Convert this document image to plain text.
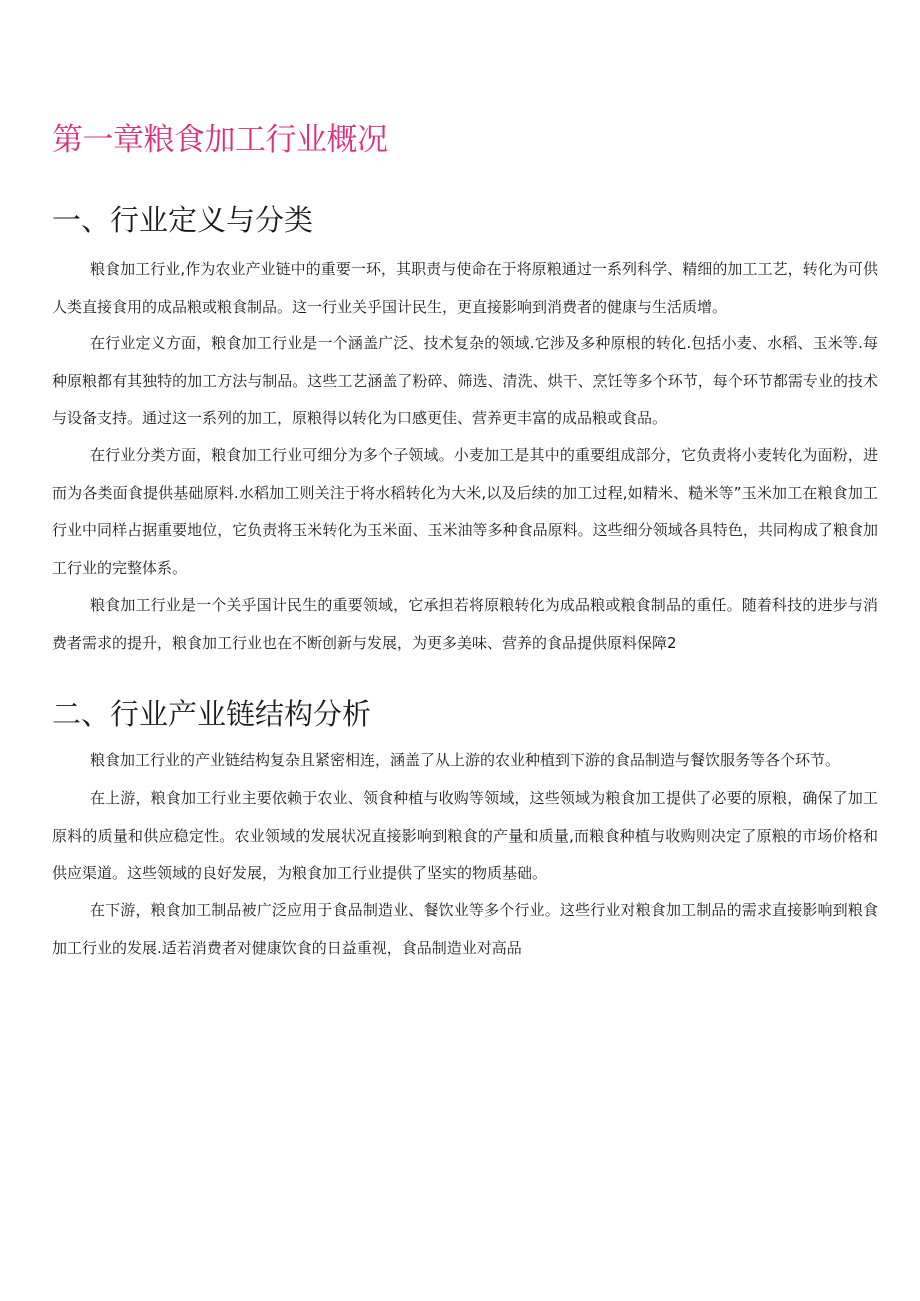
第一章粮食加工行业概况
一、行业定义与分类

粮食加工行业,作为农业产业链中的重要一环，其职责与使命在于将原粮通过一系列科学、精细的加工工艺，转化为可供人类直接食用的成品粮或粮食制品。这一行业关乎国计民生，更直接影响到消费者的健康与生活质增。

在行业定义方面，粮食加工行业是一个涵盖广泛、技术复杂的领域.它涉及多种原根的转化.包括小麦、水稻、玉米等.每种原粮都有其独特的加工方法与制品。这些工艺涵盖了粉碎、筛选、清洗、烘干、烹饪等多个环节，每个环节都需专业的技术与设备支持。通过这一系列的加工，原粮得以转化为口感更佳、营养更丰富的成品粮或食品。

在行业分类方面，粮食加工行业可细分为多个子领域。小麦加工是其中的重要组成部分，它负责将小麦转化为面粉，进而为各类面食提供基础原料.水稻加工则关注于将水稻转化为大米,以及后续的加工过程,如精米、糙米等”玉米加工在粮食加工行业中同样占据重要地位，它负责将玉米转化为玉米面、玉米油等多种食品原料。这些细分领域各具特色，共同构成了粮食加工行业的完整体系。

粮食加工行业是一个关乎国计民生的重要领域，它承担若将原粮转化为成品粮或粮食制品的重任。随着科技的进步与消费者需求的提升，粮食加工行业也在不断创新与发展，为更多美味、营养的食品提供原料保障2

二、行业产业链结构分析

粮食加工行业的产业链结构复杂且紧密相连，涵盖了从上游的农业种植到下游的食品制造与餐饮服务等各个环节。

在上游，粮食加工行业主要依赖于农业、领食种植与收购等领域，这些领域为粮食加工提供了必要的原粮，确保了加工原料的质量和供应稳定性。农业领域的发展状况直接影响到粮食的产量和质量,而粮食种植与收购则决定了原粮的市场价格和供应渠道。这些领域的良好发展，为粮食加工行业提供了坚实的物质基础。

在下游，粮食加工制品被广泛应用于食品制造业、餐饮业等多个行业。这些行业对粮食加工制品的需求直接影响到粮食加工行业的发展.适若消费者对健康饮食的日益重视，食品制造业对高品
